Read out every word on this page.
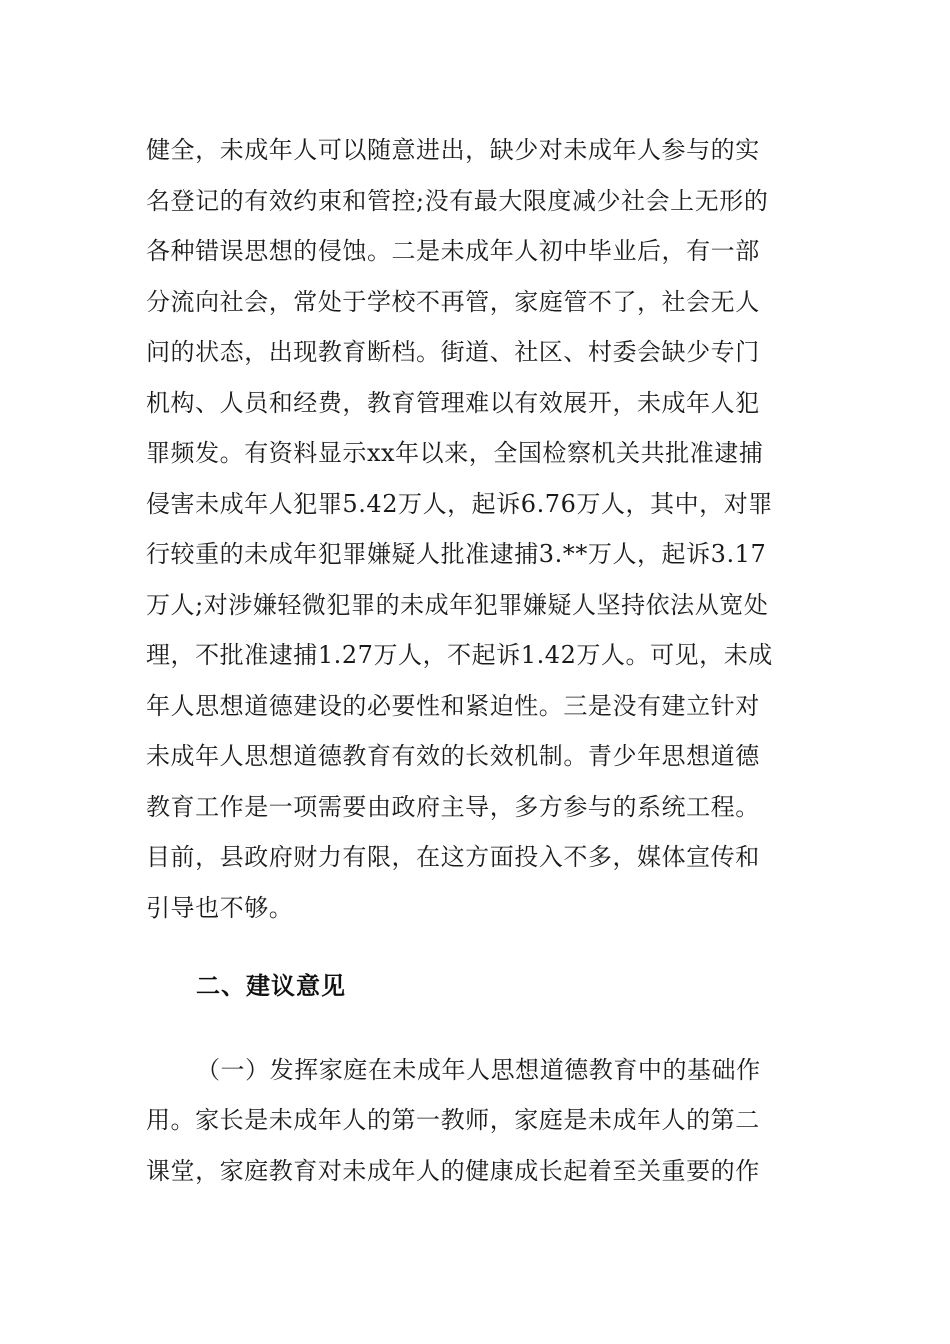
健全，未成年人可以随意进出，缺少对未成年人参与的实
名登记的有效约束和管控;没有最大限度减少社会上无形的
各种错误思想的侵蚀。二是未成年人初中毕业后，有一部
分流向社会，常处于学校不再管，家庭管不了，社会无人
问的状态，出现教育断档。街道、社区、村委会缺少专门
机构、人员和经费，教育管理难以有效展开，未成年人犯
罪频发。有资料显示xx年以来，全国检察机关共批准逮捕
侵害未成年人犯罪5.42万人，起诉6.76万人，其中，对罪
行较重的未成年犯罪嫌疑人批准逮捕3.**万人，起诉3.17
万人;对涉嫌轻微犯罪的未成年犯罪嫌疑人坚持依法从宽处
理，不批准逮捕1.27万人，不起诉1.42万人。可见，未成
年人思想道德建设的必要性和紧迫性。三是没有建立针对
未成年人思想道德教育有效的长效机制。青少年思想道德
教育工作是一项需要由政府主导，多方参与的系统工程。
目前，县政府财力有限，在这方面投入不多，媒体宣传和
引导也不够。
二、建议意见
（一）发挥家庭在未成年人思想道德教育中的基础作
用。家长是未成年人的第一教师，家庭是未成年人的第二
课堂，家庭教育对未成年人的健康成长起着至关重要的作
